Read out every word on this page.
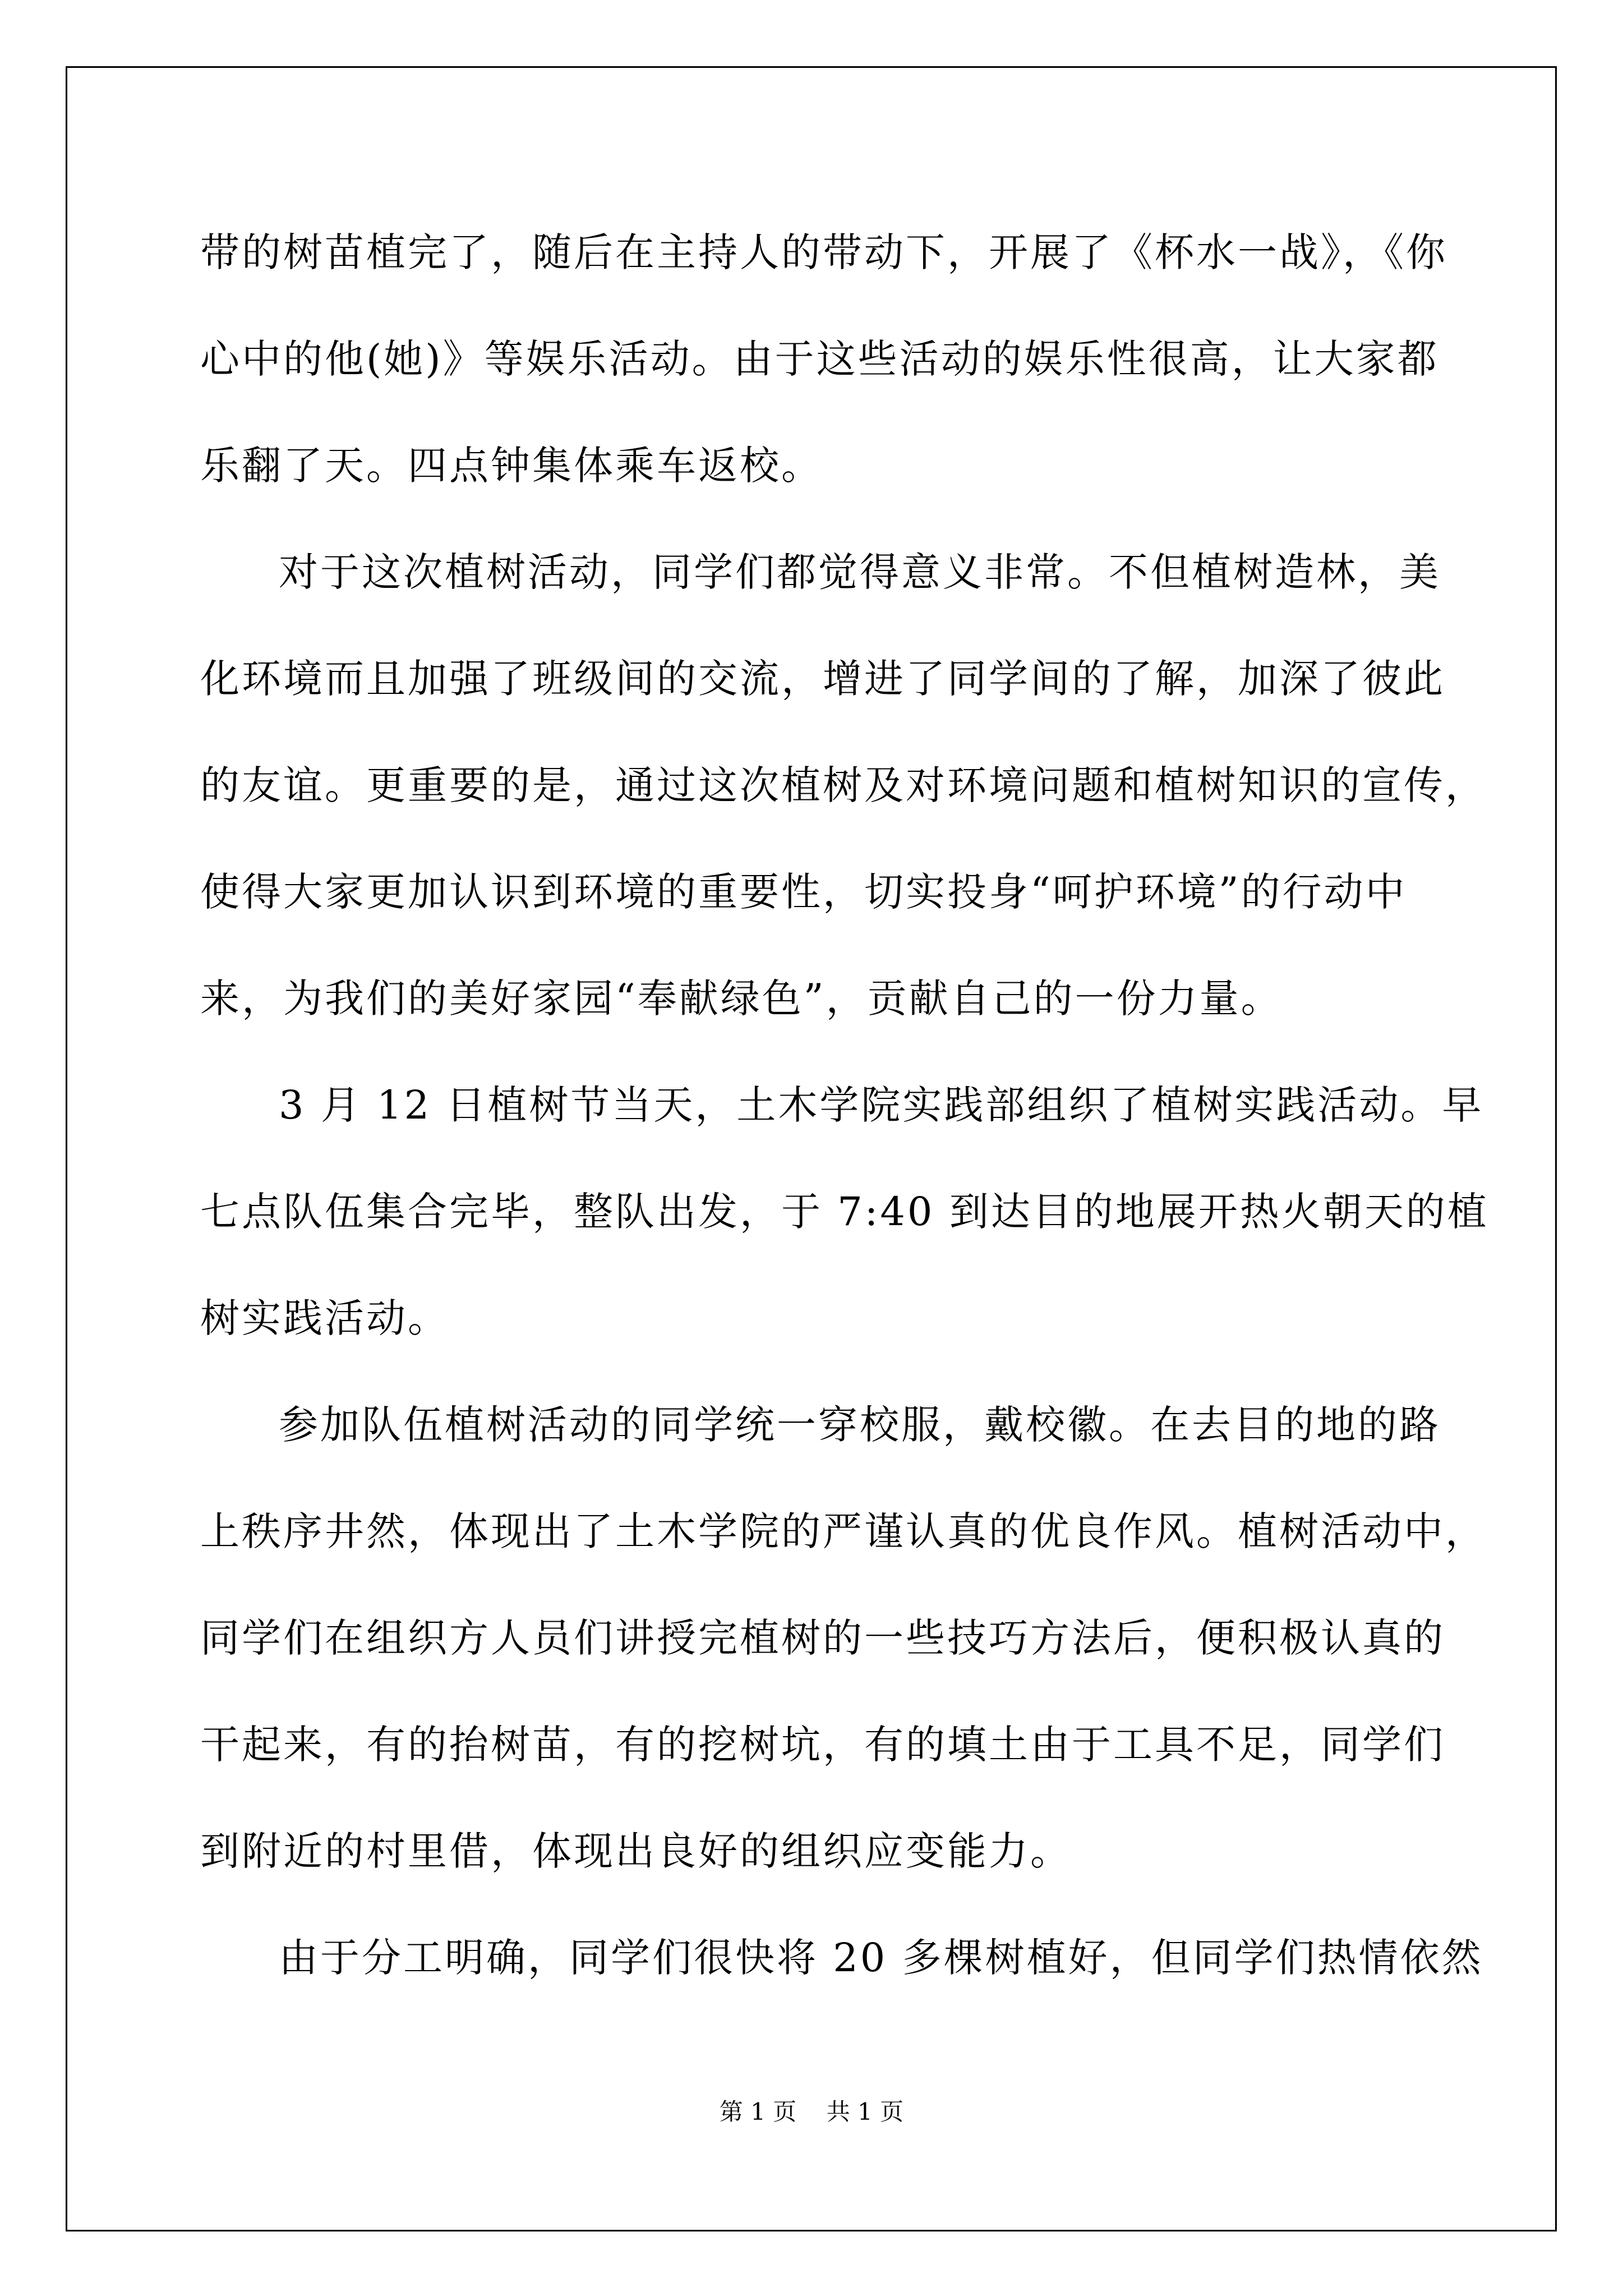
带的树苗植完了，随后在主持人的带动下，开展了《杯水一战》，《你
心中的他(她)》等娱乐活动。由于这些活动的娱乐性很高，让大家都
乐翻了天。四点钟集体乘车返校。
对于这次植树活动，同学们都觉得意义非常。不但植树造林，美
化环境而且加强了班级间的交流，增进了同学间的了解，加深了彼此
的友谊。更重要的是，通过这次植树及对环境问题和植树知识的宣传，
使得大家更加认识到环境的重要性，切实投身“呵护环境”的行动中
来，为我们的美好家园“奉献绿色”，贡献自己的一份力量。
3 月 12 日植树节当天，土木学院实践部组织了植树实践活动。早
七点队伍集合完毕，整队出发，于 7:40 到达目的地展开热火朝天的植
树实践活动。
参加队伍植树活动的同学统一穿校服，戴校徽。在去目的地的路
上秩序井然，体现出了土木学院的严谨认真的优良作风。植树活动中，
同学们在组织方人员们讲授完植树的一些技巧方法后，便积极认真的
干起来，有的抬树苗，有的挖树坑，有的填土由于工具不足，同学们
到附近的村里借，体现出良好的组织应变能力。
由于分工明确，同学们很快将 20 多棵树植好，但同学们热情依然
第 1 页    共 1 页
